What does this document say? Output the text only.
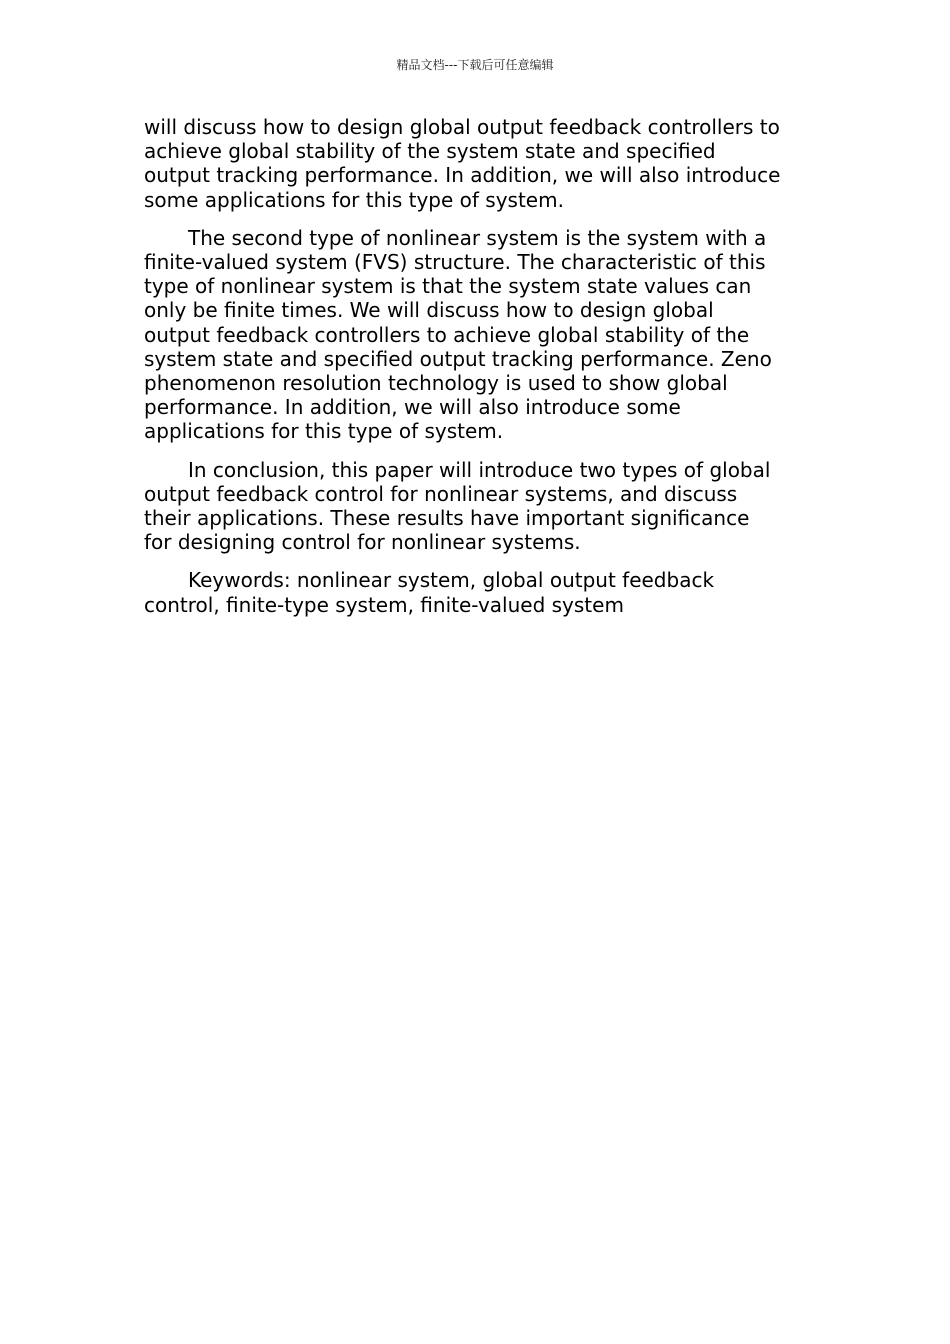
精品文档---下载后可任意编辑

will discuss how to design global output feedback controllers to
achieve global stability of the system state and specified
output tracking performance. In addition, we will also introduce
some applications for this type of system.

The second type of nonlinear system is the system with a
finite-valued system (FVS) structure. The characteristic of this
type of nonlinear system is that the system state values can
only be finite times. We will discuss how to design global
output feedback controllers to achieve global stability of the
system state and specified output tracking performance. Zeno
phenomenon resolution technology is used to show global
performance. In addition, we will also introduce some
applications for this type of system.

In conclusion, this paper will introduce two types of global
output feedback control for nonlinear systems, and discuss
their applications. These results have important significance
for designing control for nonlinear systems.

Keywords: nonlinear system, global output feedback
control, finite-type system, finite-valued system
